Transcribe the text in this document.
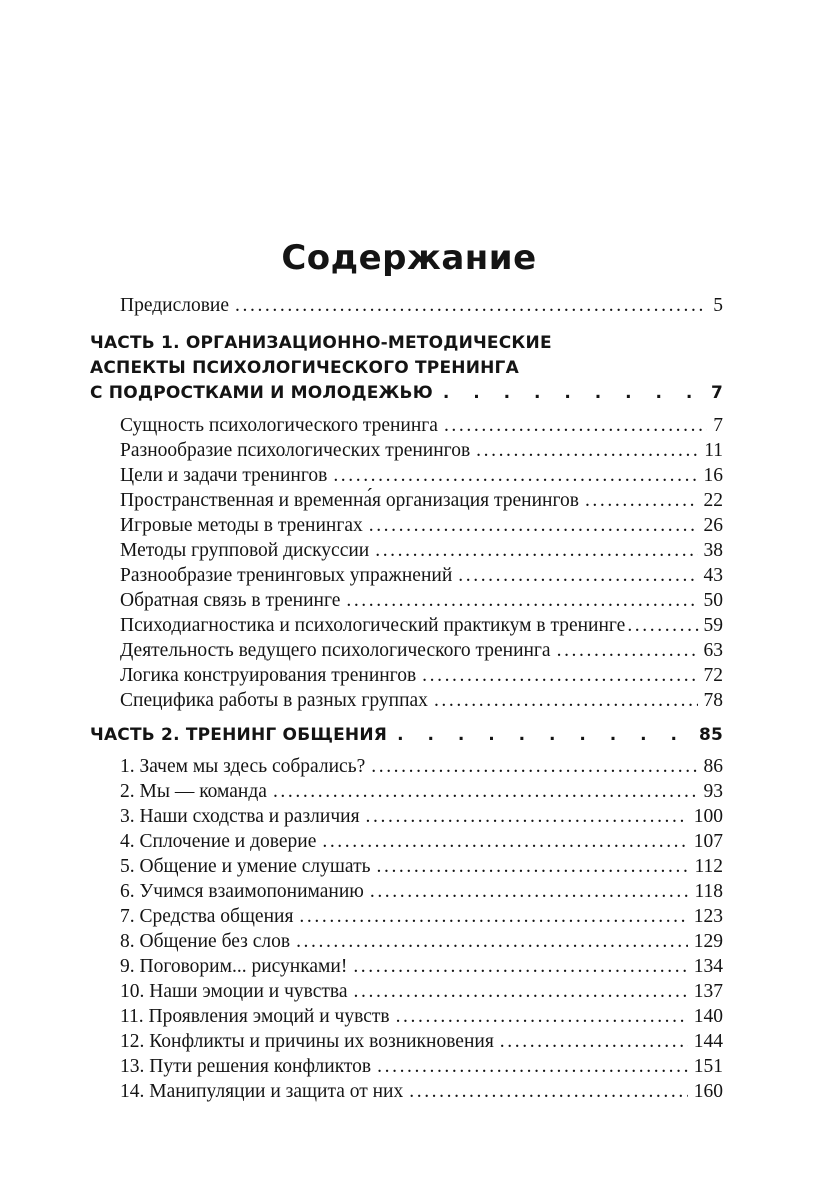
Содержание
Предисловие .....	5
ЧАСТЬ 1. ОРГАНИЗАЦИОННО-МЕТОДИЧЕСКИЕ
АСПЕКТЫ ПСИХОЛОГИЧЕСКОГО ТРЕНИНГА
С ПОДРОСТКАМИ И МОЛОДЕЖЬЮ . . .	7
Сущность психологического тренинга .....	7
Разнообразие психологических тренингов .....	11
Цели и задачи тренингов .....	16
Пространственная и временна́я организация тренингов .....	22
Игровые методы в тренингах .....	26
Методы групповой дискуссии .....	38
Разнообразие тренинговых упражнений .....	43
Обратная связь в тренинге .....	50
Психодиагностика и психологический практикум в тренинге .....	59
Деятельность ведущего психологического тренинга .....	63
Логика конструирования тренингов .....	72
Специфика работы в разных группах .....	78
ЧАСТЬ 2. ТРЕНИНГ ОБЩЕНИЯ . . .	85
1. Зачем мы здесь собрались? .....	86
2. Мы — команда .....	93
3. Наши сходства и различия .....	100
4. Сплочение и доверие .....	107
5. Общение и умение слушать .....	112
6. Учимся взаимопониманию .....	118
7. Средства общения .....	123
8. Общение без слов .....	129
9. Поговорим... рисунками! .....	134
10. Наши эмоции и чувства .....	137
11. Проявления эмоций и чувств .....	140
12. Конфликты и причины их возникновения .....	144
13. Пути решения конфликтов .....	151
14. Манипуляции и защита от них .....	160
